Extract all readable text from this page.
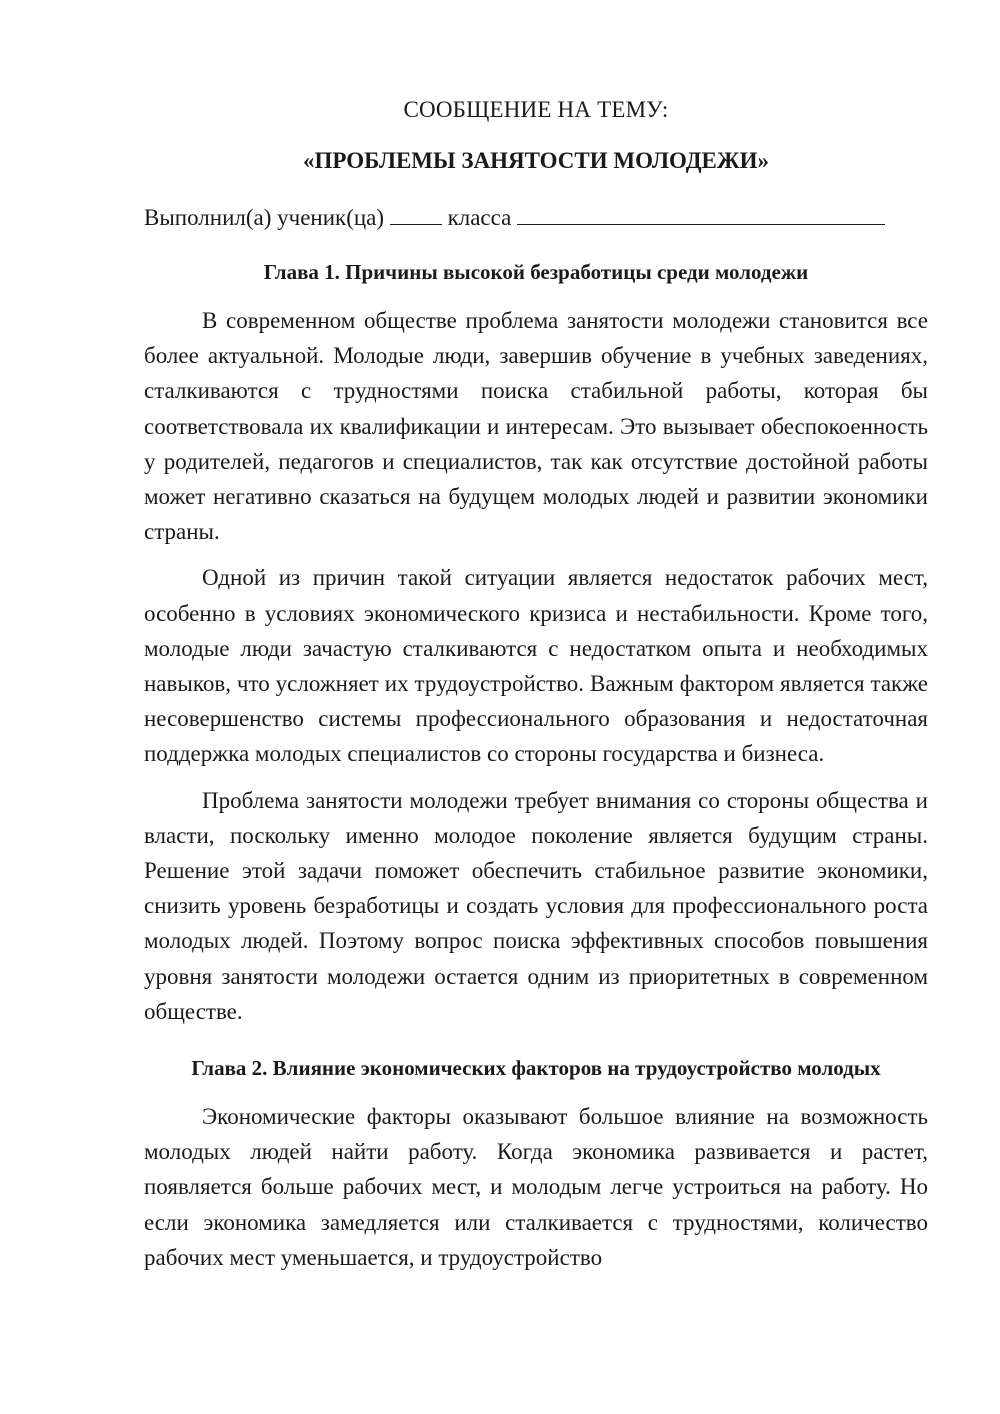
СООБЩЕНИЕ НА ТЕМУ:
«ПРОБЛЕМЫ ЗАНЯТОСТИ МОЛОДЕЖИ»

Выполнил(а) ученик(ца)	класса

Глава 1. Причины высокой безработицы среди молодежи

В современном обществе проблема занятости молодежи становится все более актуальной. Молодые люди, завершив обучение в учебных заведениях, сталкиваются с трудностями поиска стабильной работы, которая бы соответствовала их квалификации и интересам. Это вызывает обеспокоенность у родителей, педагогов и специалистов, так как отсутствие достойной работы может негативно сказаться на будущем молодых людей и развитии экономики страны.

Одной из причин такой ситуации является недостаток рабочих мест, особенно в условиях экономического кризиса и нестабильности. Кроме того, молодые люди зачастую сталкиваются с недостатком опыта и необходимых навыков, что усложняет их трудоустройство. Важным фактором является также несовершенство системы профессионального образования и недостаточная поддержка молодых специалистов со стороны государства и бизнеса.

Проблема занятости молодежи требует внимания со стороны общества и власти, поскольку именно молодое поколение является будущим страны. Решение этой задачи поможет обеспечить стабильное развитие экономики, снизить уровень безработицы и создать условия для профессионального роста молодых людей. Поэтому вопрос поиска эффективных способов повышения уровня занятости молодежи остается одним из приоритетных в современном обществе.

Глава 2. Влияние экономических факторов на трудоустройство молодых

Экономические факторы оказывают большое влияние на возможность молодых людей найти работу. Когда экономика развивается и растет, появляется больше рабочих мест, и молодым легче устроиться на работу. Но если экономика замедляется или сталкивается с трудностями, количество рабочих мест уменьшается, и трудоустройство
